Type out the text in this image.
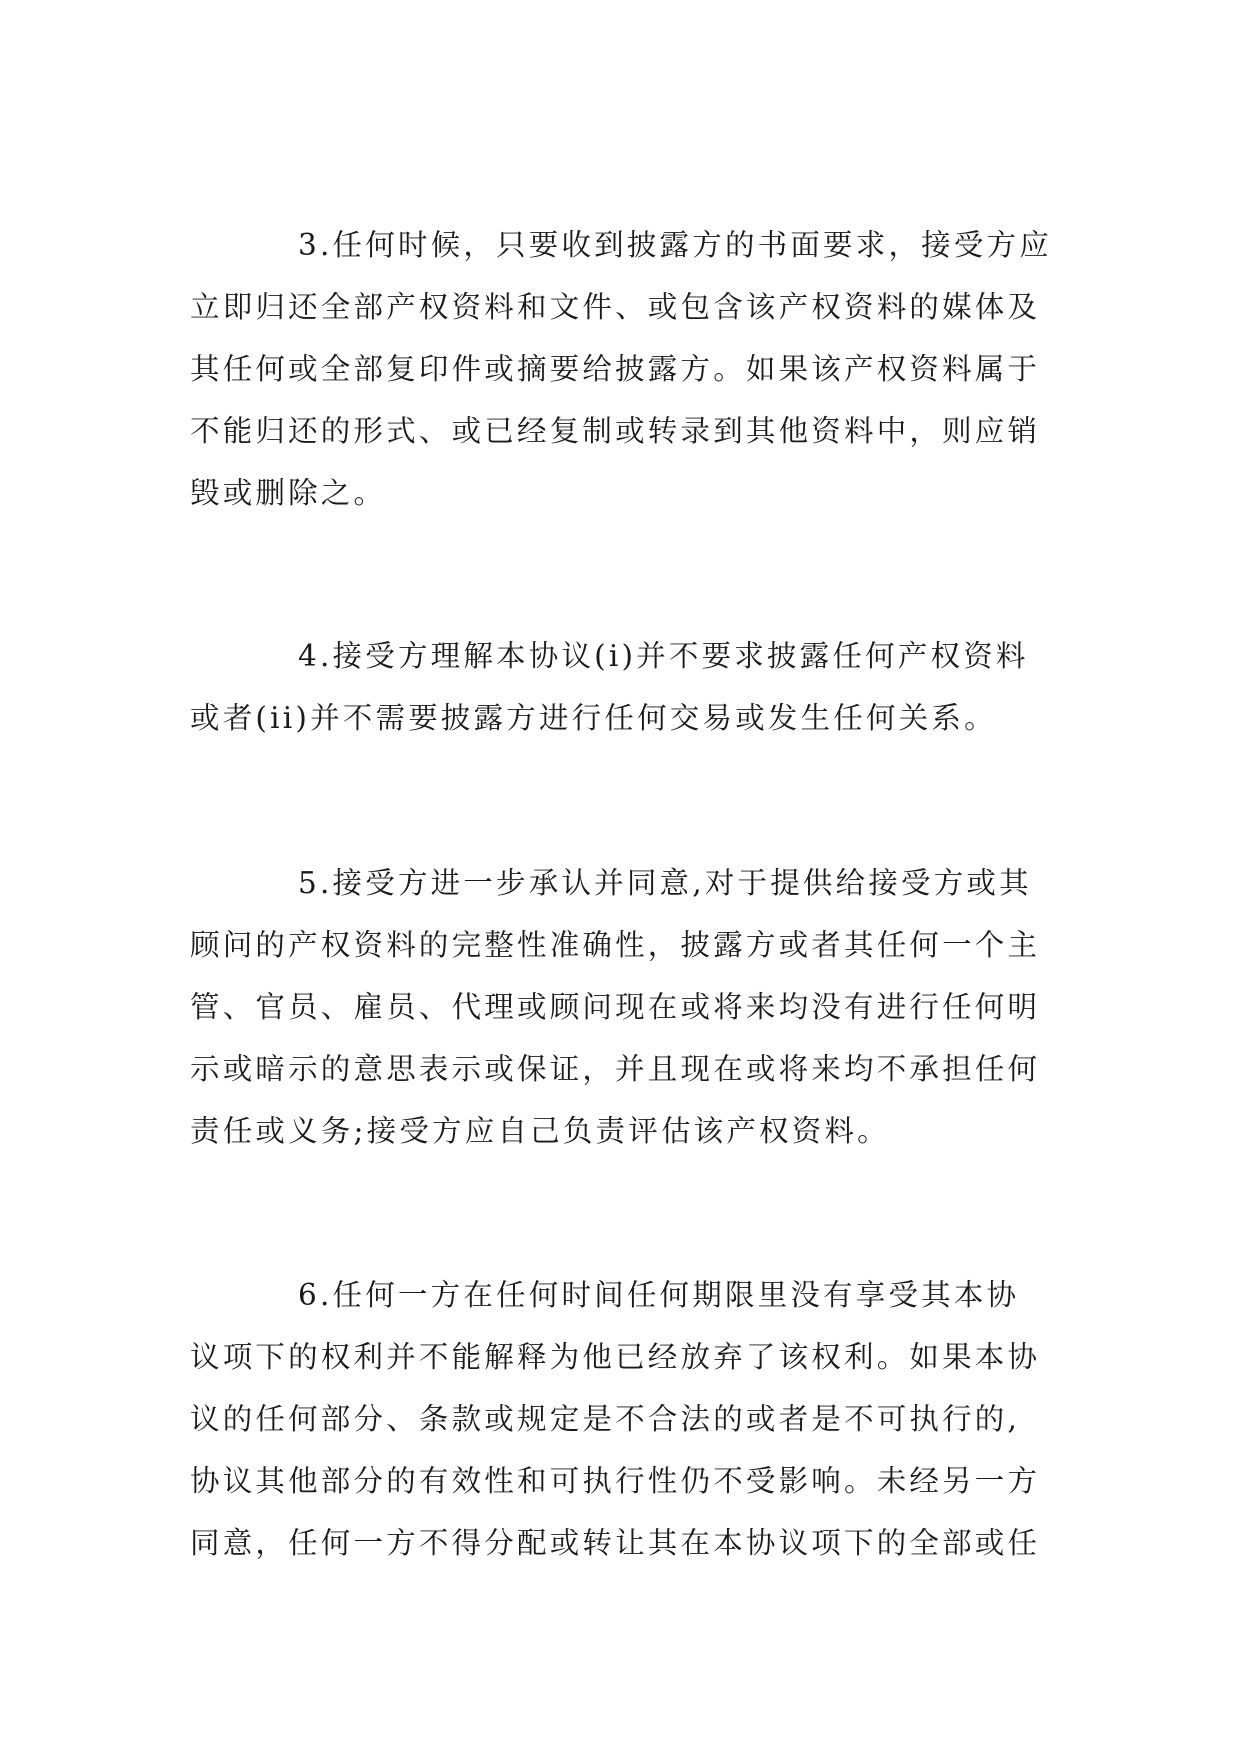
3.任何时候，只要收到披露方的书面要求，接受方应
立即归还全部产权资料和文件、或包含该产权资料的媒体及
其任何或全部复印件或摘要给披露方。如果该产权资料属于
不能归还的形式、或已经复制或转录到其他资料中，则应销
毁或删除之。
4.接受方理解本协议(i)并不要求披露任何产权资料
或者(ii)并不需要披露方进行任何交易或发生任何关系。
5.接受方进一步承认并同意,对于提供给接受方或其
顾问的产权资料的完整性准确性，披露方或者其任何一个主
管、官员、雇员、代理或顾问现在或将来均没有进行任何明
示或暗示的意思表示或保证，并且现在或将来均不承担任何
责任或义务;接受方应自己负责评估该产权资料。
6.任何一方在任何时间任何期限里没有享受其本协
议项下的权利并不能解释为他已经放弃了该权利。如果本协
议的任何部分、条款或规定是不合法的或者是不可执行的,
协议其他部分的有效性和可执行性仍不受影响。未经另一方
同意，任何一方不得分配或转让其在本协议项下的全部或任
